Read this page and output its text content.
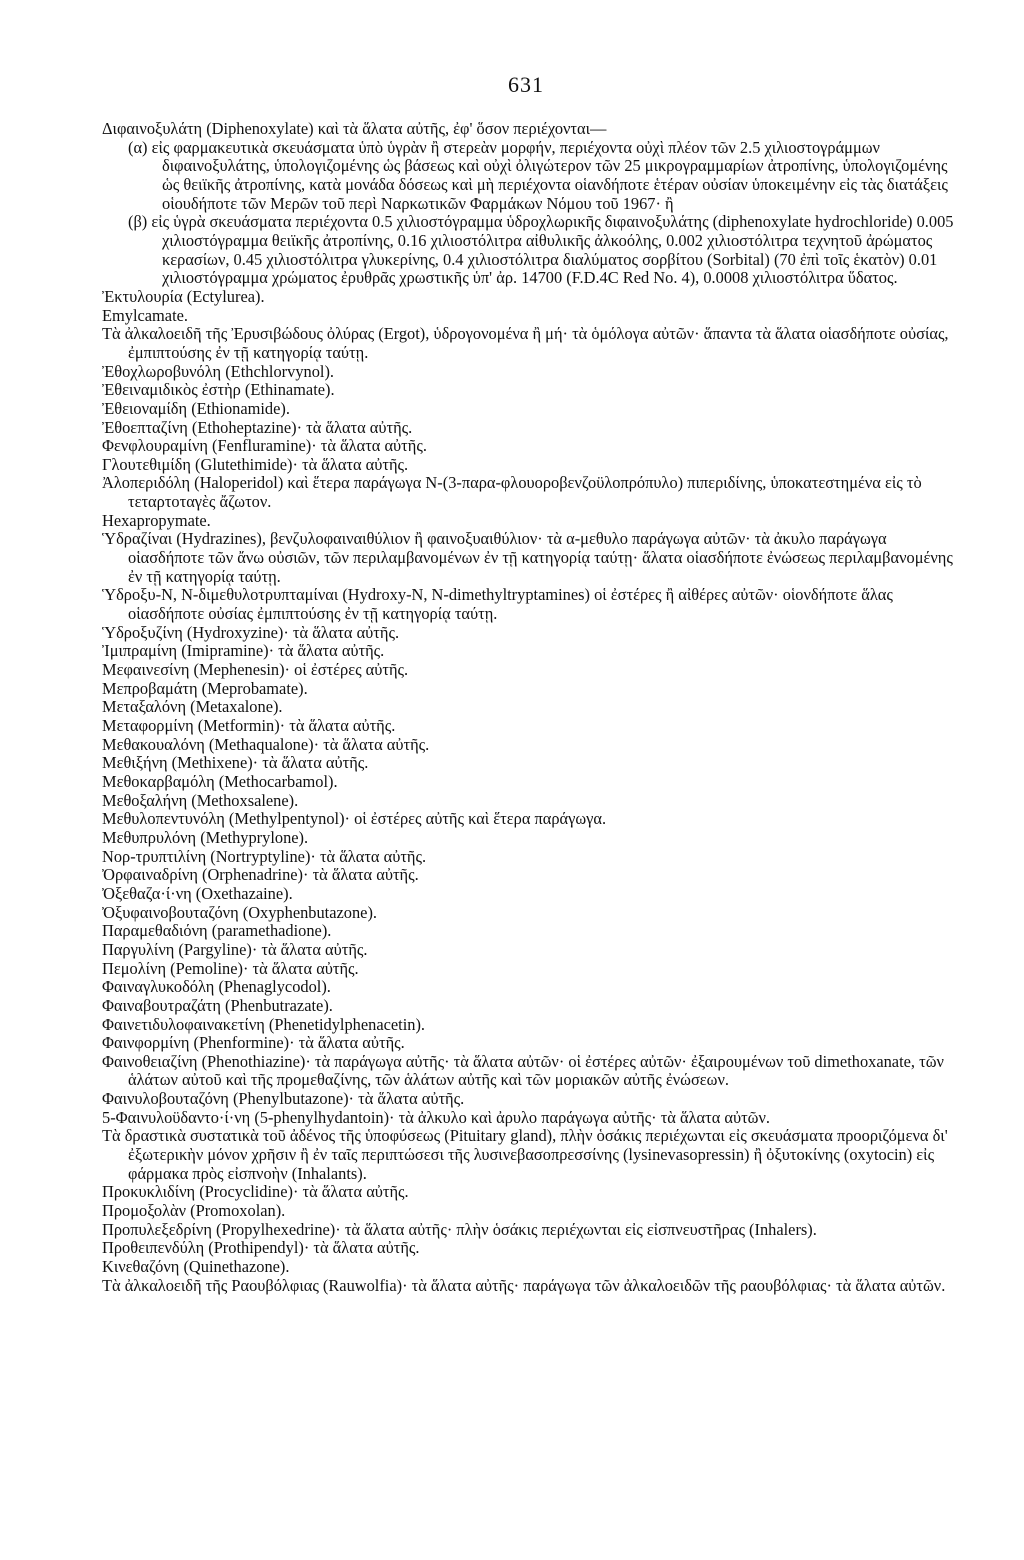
631

Διφαινοξυλάτη (Diphenoxylate) καὶ τὰ ἅλατα αὐτῆς, ἐφ' ὅσον περιέχονται—

(α) εἰς φαρμακευτικὰ σκευάσματα ὑπὸ ὑγρὰν ἢ στερεὰν μορφήν, περιέχοντα οὐχὶ πλέον τῶν 2.5 χιλιοστογράμμων διφαινοξυλάτης, ὑπολογιζομένης ὡς βάσεως καὶ οὐχὶ ὀλιγώτερον τῶν 25 μικρογραμμαρίων ἀτροπίνης, ὑπολογιζομένης ὡς θειϊκῆς ἀτροπίνης, κατὰ μονάδα δόσεως καὶ μὴ περιέχοντα οἱανδήποτε ἑτέραν οὐσίαν ὑποκειμένην εἰς τὰς διατάξεις οἱουδήποτε τῶν Μερῶν τοῦ περὶ Ναρκωτικῶν Φαρμάκων Νόμου τοῦ 1967· ἢ

(β) εἰς ὑγρὰ σκευάσματα περιέχοντα 0.5 χιλιοστόγραμμα ὑδροχλωρικῆς διφαινοξυλάτης (diphenoxylate hydrochloride) 0.005 χιλιοστόγραμμα θειϊκῆς ἀτροπίνης, 0.16 χιλιοστόλιτρα αἰθυλικῆς ἀλκοόλης, 0.002 χιλιοστόλιτρα τεχνητοῦ ἀρώματος κερασίων, 0.45 χιλιοστόλιτρα γλυκερίνης, 0.4 χιλιοστόλιτρα διαλύματος σορβίτου (Sorbital) (70 ἐπὶ τοῖς ἑκατὸν) 0.01 χιλιοστόγραμμα χρώματος ἐρυθρᾶς χρωστικῆς ὑπ' ἀρ. 14700 (F.D.4C Red No. 4), 0.0008 χιλιοστόλιτρα ὕδατος.

Ἐκτυλουρία (Ectylurea).

Emylcamate.

Τὰ ἀλκαλοειδῆ τῆς Ἐρυσιβώδους ὀλύρας (Ergot), ὑδρογονομένα ἢ μή· τὰ ὁμόλογα αὐτῶν· ἅπαντα τὰ ἅλατα οἱασδήποτε οὐσίας, ἐμπιπτούσης ἐν τῇ κατηγορίᾳ ταύτῃ.

Ἐθοχλωροβυνόλη (Ethchlorvynol).

Ἐθειναμιδικὸς ἐστὴρ (Ethinamate).

Ἐθειοναμίδη (Ethionamide).

Ἐθοεπταζίνη (Ethoheptazine)· τὰ ἅλατα αὐτῆς.

Φενφλουραμίνη (Fenfluramine)· τὰ ἅλατα αὐτῆς.

Γλουτεθιμίδη (Glutethimide)· τὰ ἅλατα αὐτῆς.

Ἀλοπεριδόλη (Haloperidol) καὶ ἕτερα παράγωγα N-(3-παρα-φλουοροβενζοϋλοπρόπυλο) πιπεριδίνης, ὑποκατεστημένα εἰς τὸ τεταρτοταγὲς ἄζωτον.

Hexapropymate.

Ὑδραζίναι (Hydrazines), βενζυλοφαιναιθύλιον ἢ φαινοξυαιθύλιον· τὰ α-μεθυλο παράγωγα αὐτῶν· τὰ ἀκυλο παράγωγα οἱασδήποτε τῶν ἄνω οὐσιῶν, τῶν περιλαμβανομένων ἐν τῇ κατηγορίᾳ ταύτῃ· ἅλατα οἱασδήποτε ἐνώσεως περιλαμβανομένης ἐν τῇ κατηγορίᾳ ταύτῃ.

Ὑδροξυ-N, N-διμεθυλοτρυπταμίναι (Hydroxy-N, N-dimethyltryptamines) οἱ ἐστέρες ἢ αἰθέρες αὐτῶν· οἱονδήποτε ἅλας οἱασδήποτε οὐσίας ἐμπιπτούσης ἐν τῇ κατηγορίᾳ ταύτῃ.

Ὑδροξυζίνη (Hydroxyzine)· τὰ ἅλατα αὐτῆς.

Ἰμιπραμίνη (Imipramine)· τὰ ἅλατα αὐτῆς.

Μεφαινεσίνη (Mephenesin)· οἱ ἐστέρες αὐτῆς.

Μεπροβαμάτη (Meprobamate).

Μεταξαλόνη (Metaxalone).

Μεταφορμίνη (Metformin)· τὰ ἅλατα αὐτῆς.

Μεθακουαλόνη (Methaqualone)· τὰ ἅλατα αὐτῆς.

Μεθιξήνη (Methixene)· τὰ ἅλατα αὐτῆς.

Μεθοκαρβαμόλη (Methocarbamol).

Μεθοξαλήνη (Methoxsalene).

Μεθυλοπεντυνόλη (Methylpentynol)· οἱ ἐστέρες αὐτῆς καὶ ἕτερα παράγωγα.

Μεθυπρυλόνη (Methyprylone).

Νορ-τρυπτιλίνη (Nortryptyline)· τὰ ἅλατα αὐτῆς.

Ὀρφαιναδρίνη (Orphenadrine)· τὰ ἅλατα αὐτῆς.

Ὀξεθαζα·ί·νη (Oxethazaine).

Ὀξυφαινοβουταζόνη (Oxyphenbutazone).

Παραμεθαδιόνη (paramethadione).

Παργυλίνη (Pargyline)· τὰ ἅλατα αὐτῆς.

Πεμολίνη (Pemoline)· τὰ ἅλατα αὐτῆς.

Φαιναγλυκοδόλη (Phenaglycodol).

Φαιναβουτραζάτη (Phenbutrazate).

Φαινετιδυλοφαινακετίνη (Phenetidylphenacetin).

Φαινφορμίνη (Phenformine)· τὰ ἅλατα αὐτῆς.

Φαινοθειαζίνη (Phenothiazine)· τὰ παράγωγα αὐτῆς· τὰ ἅλατα αὐτῶν· οἱ ἐστέρες αὐτῶν· ἐξαιρουμένων τοῦ dimethoxanate, τῶν ἁλάτων αὐτοῦ καὶ τῆς προμεθαζίνης, τῶν ἁλάτων αὐτῆς καὶ τῶν μοριακῶν αὐτῆς ἐνώσεων.

Φαινυλοβουταζόνη (Phenylbutazone)· τὰ ἅλατα αὐτῆς.

5-Φαινυλοϋδαντο·ί·νη (5-phenylhydantoin)· τὰ ἀλκυλο καὶ ἀρυλο παράγωγα αὐτῆς· τὰ ἅλατα αὐτῶν.

Τὰ δραστικὰ συστατικὰ τοῦ ἀδένος τῆς ὑποφύσεως (Pituitary gland), πλὴν ὁσάκις περιέχωνται εἰς σκευάσματα προοριζόμενα δι' ἐξωτερικὴν μόνον χρῆσιν ἢ ἐν ταῖς περιπτώσεσι τῆς λυσινεβασοπρεσσίνης (lysinevasopressin) ἢ ὀξυτοκίνης (oxytocin) εἰς φάρμακα πρὸς εἰσπνοὴν (Inhalants).

Προκυκλιδίνη (Procyclidine)· τὰ ἅλατα αὐτῆς.

Προμοξολὰν (Promoxolan).

Προπυλεξεδρίνη (Propylhexedrine)· τὰ ἅλατα αὐτῆς· πλὴν ὁσάκις περιέχωνται εἰς εἰσπνευστῆρας (Inhalers).

Προθειπενδύλη (Prothipendyl)· τὰ ἅλατα αὐτῆς.

Κινεθαζόνη (Quinethazone).

Τὰ ἀλκαλοειδῆ τῆς Ραουβόλφιας (Rauwolfia)· τὰ ἅλατα αὐτῆς· παράγωγα τῶν ἀλκαλοειδῶν τῆς ραουβόλφιας· τὰ ἅλατα αὐτῶν.
